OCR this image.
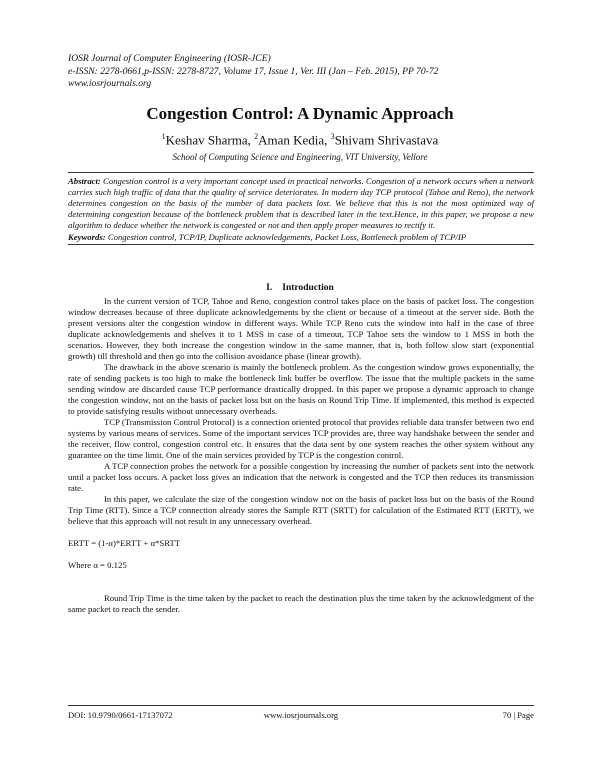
IOSR Journal of Computer Engineering (IOSR-JCE)
e-ISSN: 2278-0661,p-ISSN: 2278-8727, Volume 17, Issue 1, Ver. III (Jan – Feb. 2015), PP 70-72
www.iosrjournals.org
Congestion Control: A Dynamic Approach
$^1$Keshav Sharma, $^2$Aman Kedia, $^3$Shivam Shrivastava
School of Computing Science and Engineering, VIT University, Vellore

Abstract: Congestion control is a very important concept used in practical networks. Congestion of a network occurs when a network carries such high traffic of data that the quality of service deteriorates. In modern day TCP protocol (Tahoe and Reno), the network determines congestion on the basis of the number of data packets lost. We believe that this is not the most optimized way of determining congestion because of the bottleneck problem that is described later in the text.Hence, in this paper, we propose a new algorithm to deduce whether the network is congested or not and then apply proper measures to rectify it.

Keywords: Congestion control, TCP/IP, Duplicate acknowledgements, Packet Loss, Bottleneck problem of TCP/IP

I. Introduction

In the current version of TCP, Tahoe and Reno, congestion control takes place on the basis of packet loss. The congestion window decreases because of three duplicate acknowledgements by the client or because of a timeout at the server side. Both the present versions alter the congestion window in different ways. While TCP Reno cuts the window into half in the case of three duplicate acknowledgements and shelves it to 1 MSS in case of a timeout, TCP Tahoe sets the window to 1 MSS in both the scenarios. However, they both increase the congestion window in the same manner, that is, both follow slow start (exponential growth) till threshold and then go into the collision avoidance phase (linear growth).

The drawback in the above scenario is mainly the bottleneck problem. As the congestion window grows exponentially, the rate of sending packets is too high to make the bottleneck link buffer be overflow. The issue that the multiple packets in the same sending window are discarded cause TCP performance drastically dropped. In this paper we propose a dynamic approach to change the congestion window, not on the basis of packet loss but on the basis on Round Trip Time. If implemented, this method is expected to provide satisfying results without unnecessary overheads.

TCP (Transmission Control Protocol) is a connection oriented protocol that provides reliable data transfer between two end systems by various means of services. Some of the important services TCP provides are, three way handshake between the sender and the receiver, flow control, congestion control etc. It ensures that the data sent by one system reaches the other system without any guarantee on the time limit. One of the main services provided by TCP is the congestion control.

A TCP connection probes the network for a possible congestion by increasing the number of packets sent into the network until a packet loss occurs. A packet loss gives an indication that the network is congested and the TCP then reduces its transmission rate.

In this paper, we calculate the size of the congestion window not on the basis of packet loss but on the basis of the Round Trip Time (RTT). Since a TCP connection already stores the Sample RTT (SRTT) for calculation of the Estimated RTT (ERTT), we believe that this approach will not result in any unnecessary overhead.

ERTT = (1-α)*ERTT + α*SRTT

Where α = 0.125

Round Trip Time is the time taken by the packet to reach the destination plus the time taken by the acknowledgment of the same packet to reach the sender.

DOI: 10.9790/0661-17137072	www.iosrjournals.org	70 | Page
